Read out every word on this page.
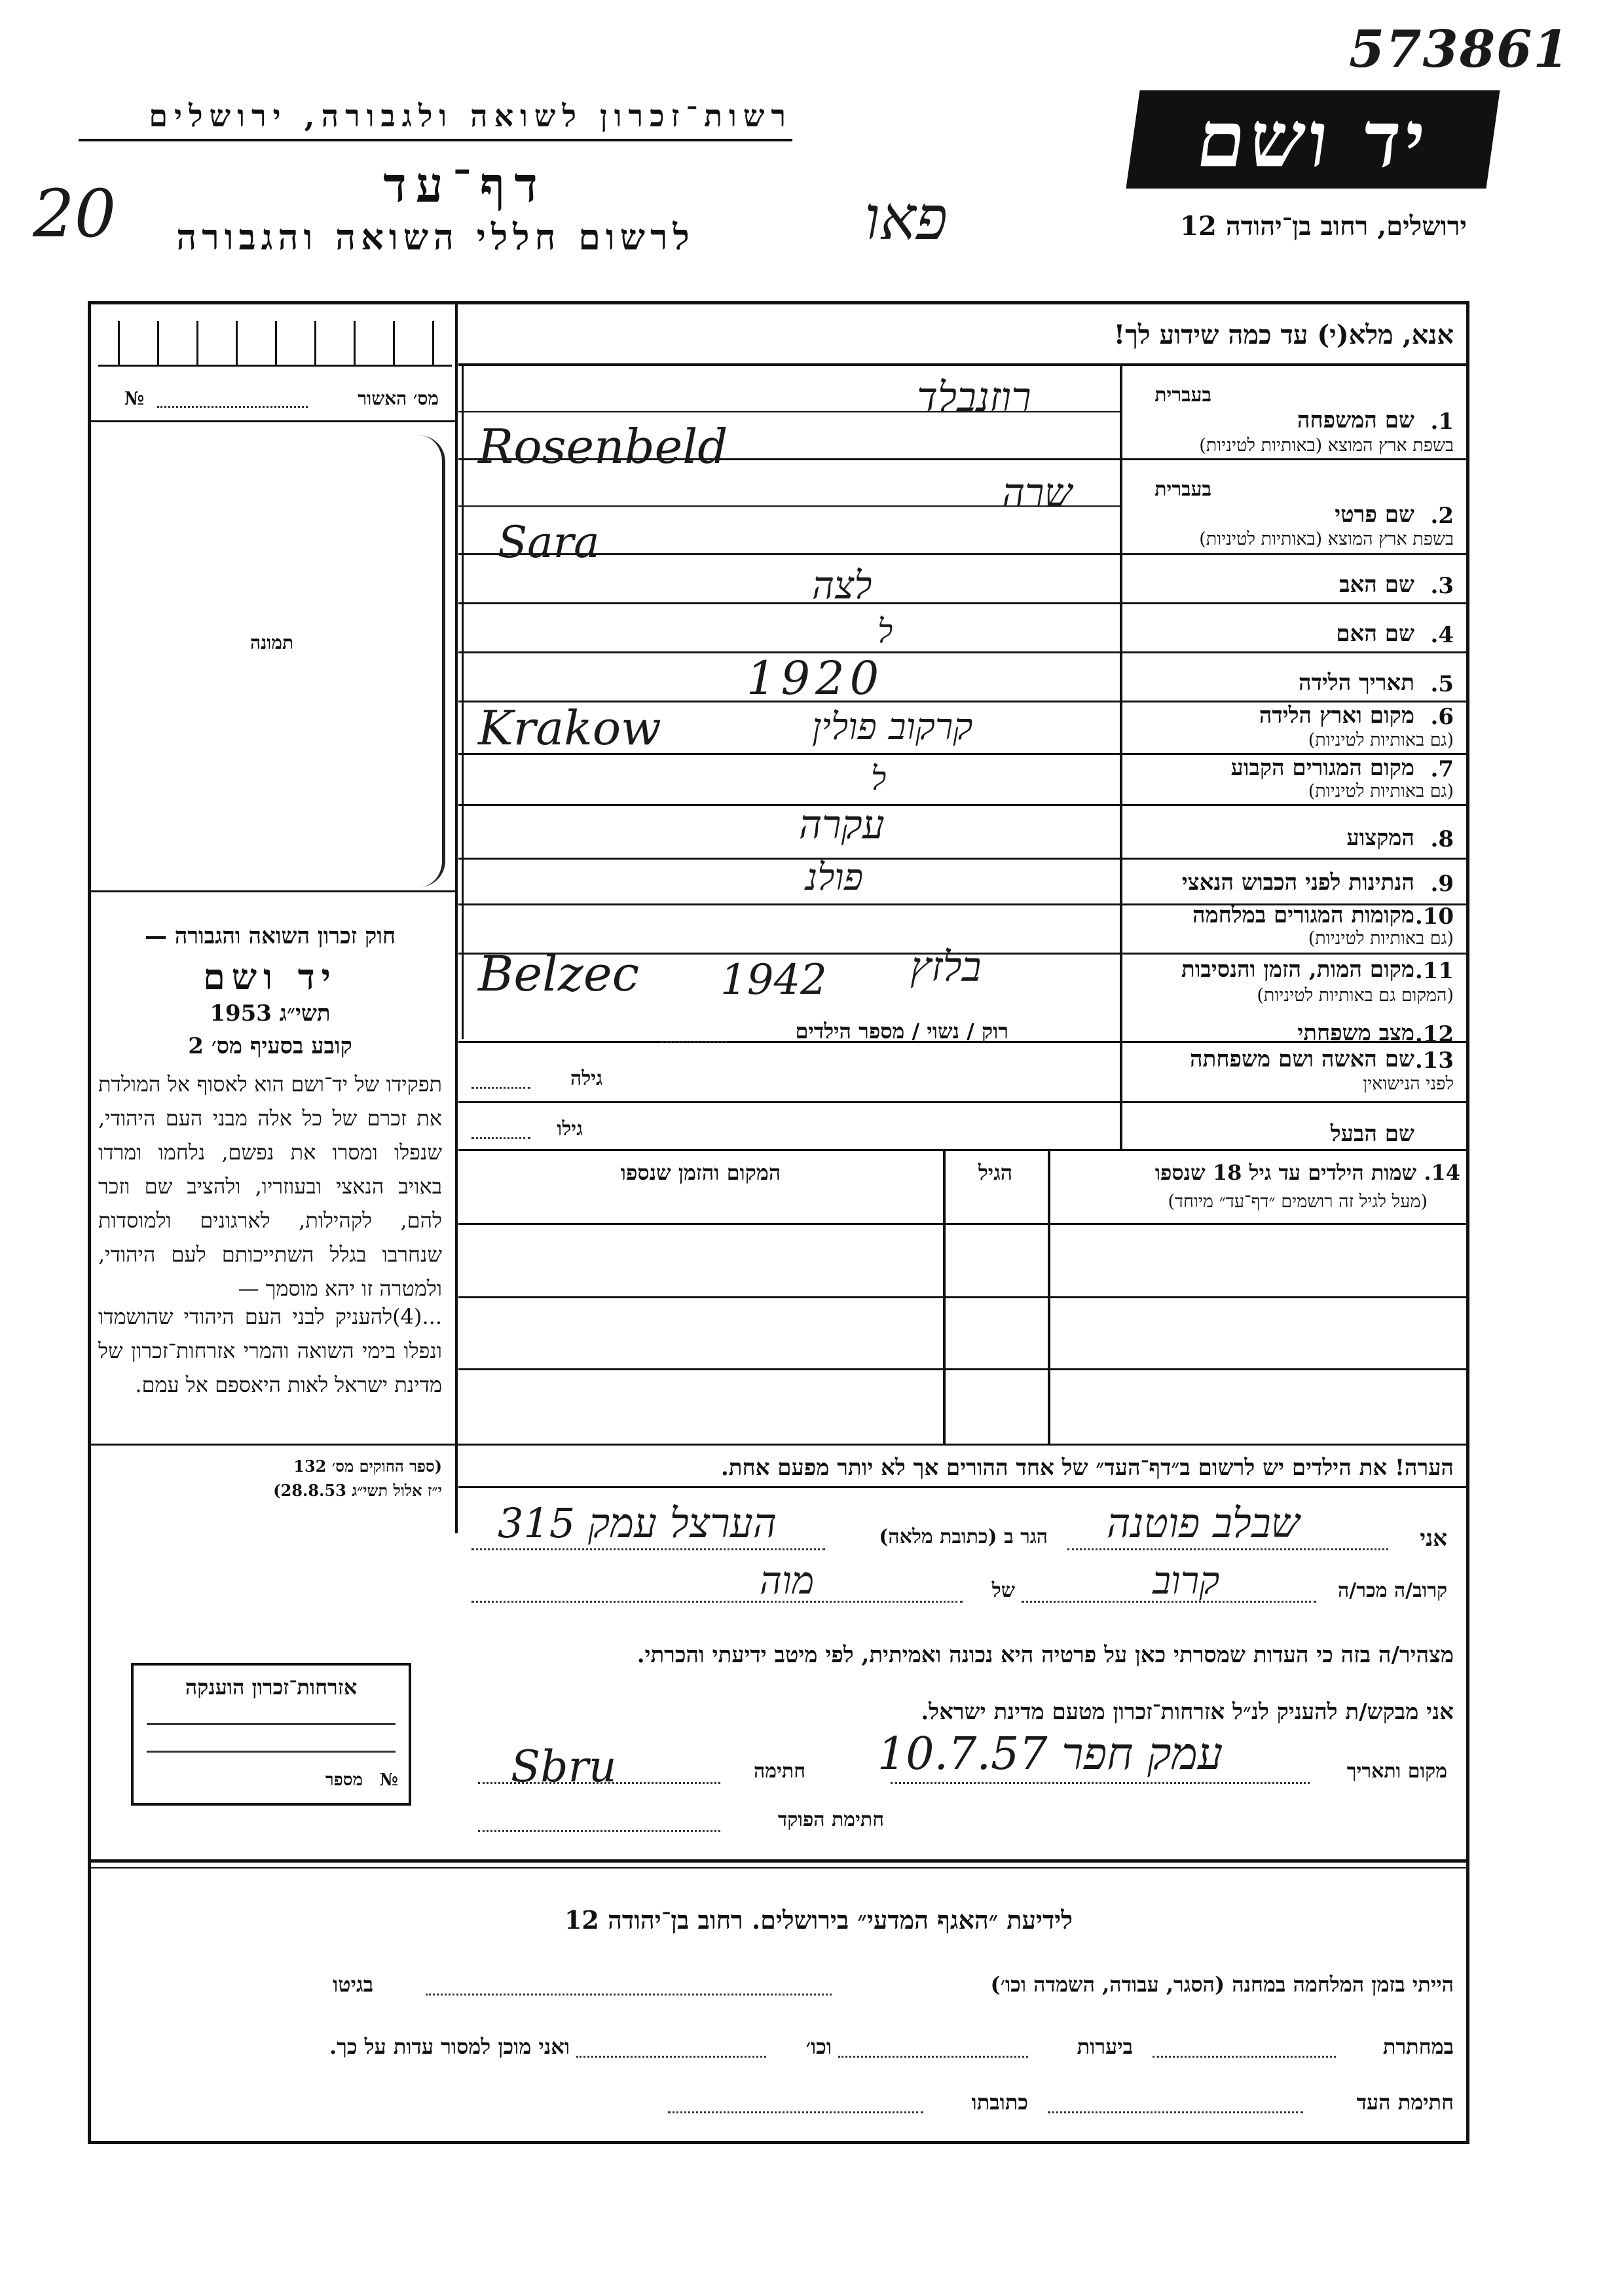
573861
רשות־זכרון לשואה ולגבורה, ירושלים
דף־עד
לרשום חללי השואה והגבורה
20	פאו
יד ושם
ירושלים, רחוב בן־יהודה 12
אנא, מלא(י) עד כמה שידוע לך!
מס׳ האשור
№
תמונה
חוק זכרון השואה והגבורה —
יד ושם
תשי״ג 1953
קובע בסעיף מס׳ 2
תפקידו של יד־ושם הוא לאסוף אל המולדת את זכרם של כל אלה מבני העם היהודי, שנפלו ומסרו את נפשם, נלחמו ומרדו באויב הנאצי ובעוזריו, ולהציב שם וזכר להם, לקהילות, לארגונים ולמוסדות שנחרבו בגלל השתייכותם לעם היהודי, ולמטרה זו יהא מוסמך —
...(4)להעניק לבני העם היהודי שהושמדו ונפלו בימי השואה והמרי אזרחות־זכרון של מדינת ישראל לאות היאספם אל עמם.
(ספר החוקים מס׳ 132
י״ז אלול תשי״ג 28.8.53)
אזרחות־זכרון הוענקה
מספר №
בעברית
1.
שם המשפחה
בשפת ארץ המוצא (באותיות לטיניות)
בעברית
2.
שם פרטי
בשפת ארץ המוצא (באותיות לטיניות)
3.
שם האב
4.
שם האם
5.
תאריך הלידה
6.
מקום וארץ הלידה
(גם באותיות לטיניות)
7.
מקום המגורים הקבוע
(גם באותיות לטיניות)
8.
המקצוע
9.
הנתינות לפני הכבוש הנאצי
10.
מקומות המגורים במלחמה
(גם באותיות לטיניות)
11.
מקום המות, הזמן והנסיבות
(המקום גם באותיות לטיניות)
12.
מצב משפחתי
רוק / נשוי / מספר הילדים
13.
שם האשה ושם משפחתה
לפני הנישואין
גילה
שם הבעל
גילו
רוזנבלד
Rosenbeld
שרה
Sara
לצה
ל
1920
Krakow	קרקוב פולין
ל
עקרה
פולנ
Belzec 1942 בלזץ
14. שמות הילדים עד גיל 18 שנספו
(מעל לגיל זה רושמים ״דף־עד״ מיוחד)
הגיל
המקום והזמן שנספו
הערה! את הילדים יש לרשום ב״דף־העד״ של אחד ההורים אך לא יותר מפעם אחת.
אני
שבלב פוטנה
הגר ב (כתובת מלאה)
הערצל עמק 315
קרוב/ה מכר/ה
קרוב
של
מוה
מצהיר/ה בזה כי העדות שמסרתי כאן על פרטיה היא נכונה ואמיתית, לפי מיטב ידיעתי והכרתי.
אני מבקש/ת להעניק לנ״ל אזרחות־זכרון מטעם מדינת ישראל.
מקום ותאריך
עמק חפר 10.7.57
חתימה
Sbru
חתימת הפוקד
לידיעת ״האגף המדעי״ בירושלים. רחוב בן־יהודה 12
הייתי בזמן המלחמה במחנה (הסגר, עבודה, השמדה וכו׳)
בגיטו
במחתרת
ביערות
וכו׳
ואני מוכן למסור עדות על כך.
חתימת העד
כתובתו
